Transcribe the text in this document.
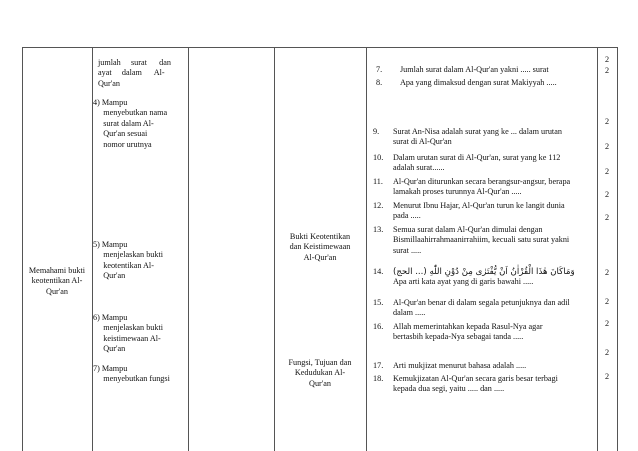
Memahami bukti keotentikan Al-Qur'an
jumlah     surat      dan
ayat     dalam      Al-
Qur'an
4) Mampu
menyebutkan nama
surat dalam Al-
Qur'an sesuai
nomor urutnya
5) Mampu
menjelaskan bukti
keotentikan Al-
Qur'an
6) Mampu
menjelaskan bukti
keistimewaan Al-
Qur'an
7) Mampu
menyebutkan fungsi
Bukti Keotentikan
dan Keistimewaan
Al-Qur'an
Fungsi, Tujuan dan
Kedudukan Al-
Qur'an
7. Jumlah surat dalam Al-Qur'an yakni ..... surat
8. Apa yang dimaksud dengan surat Makiyyah .....
9. Surat An-Nisa adalah surat yang ke ... dalam urutan
surat di Al-Qur'an
10. Dalam urutan surat di Al-Qur'an, surat yang ke 112
adalah surat......
11. Al-Qur'an diturunkan secara berangsur-angsur, berapa
lamakah proses turunnya Al-Qur'an .....
12. Menurut Ibnu Hajar, Al-Qur'an turun ke langit dunia
pada .....
13. Semua surat dalam Al-Qur'an dimulai dengan
Bismillaahirrahmaanirrahiim, kecuali satu surat yakni
surat .....
14. (الحج ...) وَمَاكَانَ هٰذَا الْقُرْاٰنُ اَنْ يُّفْتَرٰى مِنْ دُوْنِ اللّٰهِ
Apa arti kata ayat yang di garis bawahi .....
15. Al-Qur'an benar di dalam segala petunjuknya dan adil
dalam .....
16. Allah memerintahkan kepada Rasul-Nya agar
bertasbih kepada-Nya sebagai tanda .....
17. Arti mukjizat menurut bahasa adalah .....
18. Kemukjizatan Al-Qur'an secara garis besar terbagi
kepada dua segi, yaitu ..... dan .....
2
2
2
2
2
2
2
2
2
2
2
2
